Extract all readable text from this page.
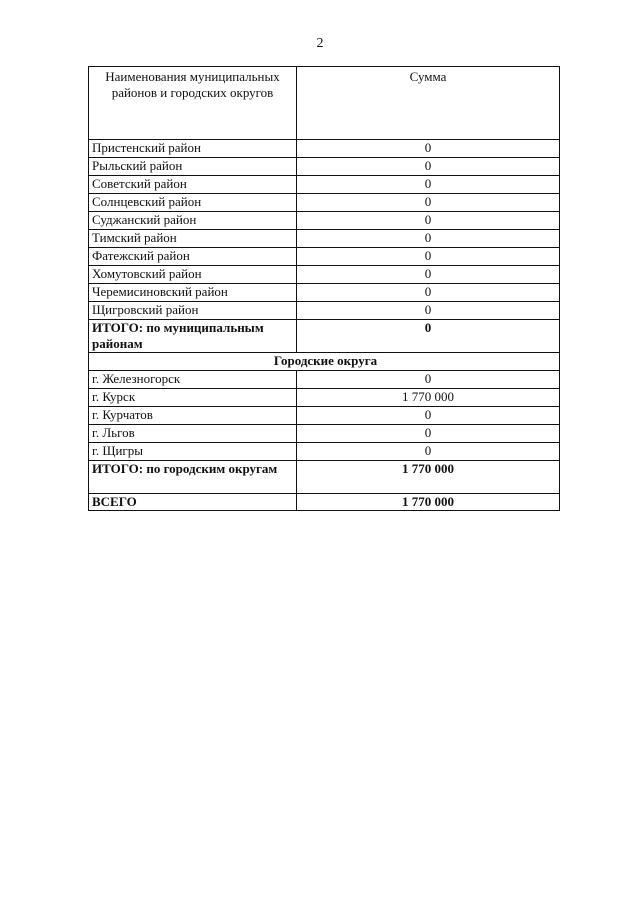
2
Наименования муниципальных районов и городских округов	Сумма
Пристенский район	0
Рыльский район	0
Советский район	0
Солнцевский район	0
Суджанский район	0
Тимский район	0
Фатежский район	0
Хомутовский район	0
Черемисиновский район	0
Щигровский район	0
ИТОГО: по муниципальным районам	0
Городские округа	
г. Железногорск	0
г. Курск	1 770 000
г. Курчатов	0
г. Льгов	0
г. Щигры	0
ИТОГО: по городским округам	1 770 000
ВСЕГО	1 770 000
